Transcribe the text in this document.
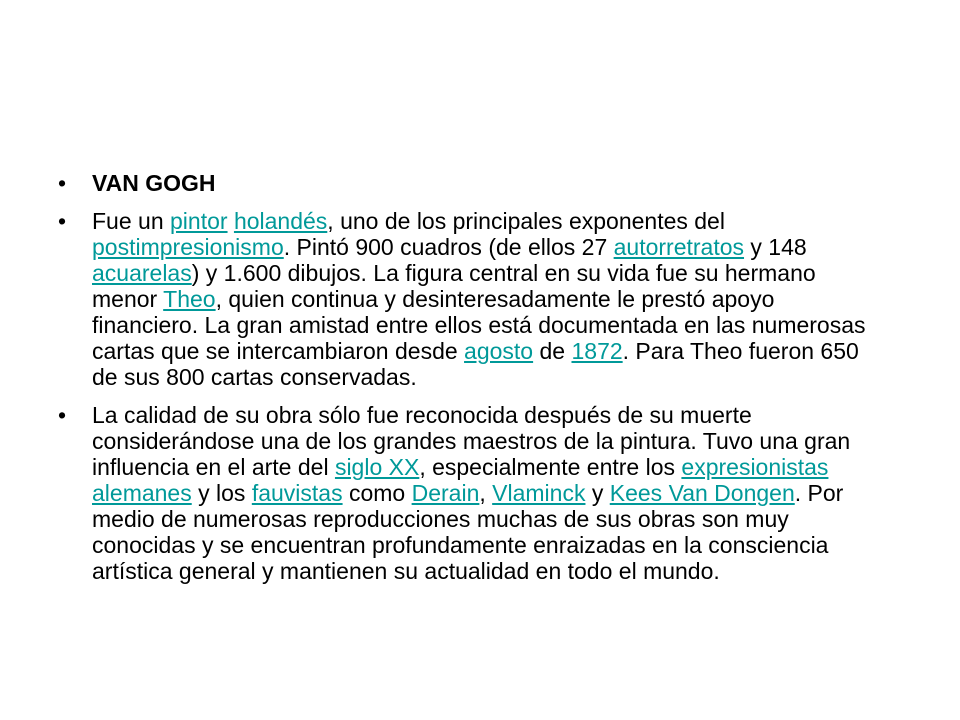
• VAN GOGH
• Fue un pintor holandés, uno de los principales exponentes del postimpresionismo. Pintó 900 cuadros (de ellos 27 autorretratos y 148 acuarelas) y 1.600 dibujos. La figura central en su vida fue su hermano menor Theo, quien continua y desinteresadamente le prestó apoyo financiero. La gran amistad entre ellos está documentada en las numerosas cartas que se intercambiaron desde agosto de 1872. Para Theo fueron 650 de sus 800 cartas conservadas.
• La calidad de su obra sólo fue reconocida después de su muerte considerándose una de los grandes maestros de la pintura. Tuvo una gran influencia en el arte del siglo XX, especialmente entre los expresionistas alemanes y los fauvistas como Derain, Vlaminck y Kees Van Dongen. Por medio de numerosas reproducciones muchas de sus obras son muy conocidas y se encuentran profundamente enraizadas en la consciencia artística general y mantienen su actualidad en todo el mundo.
